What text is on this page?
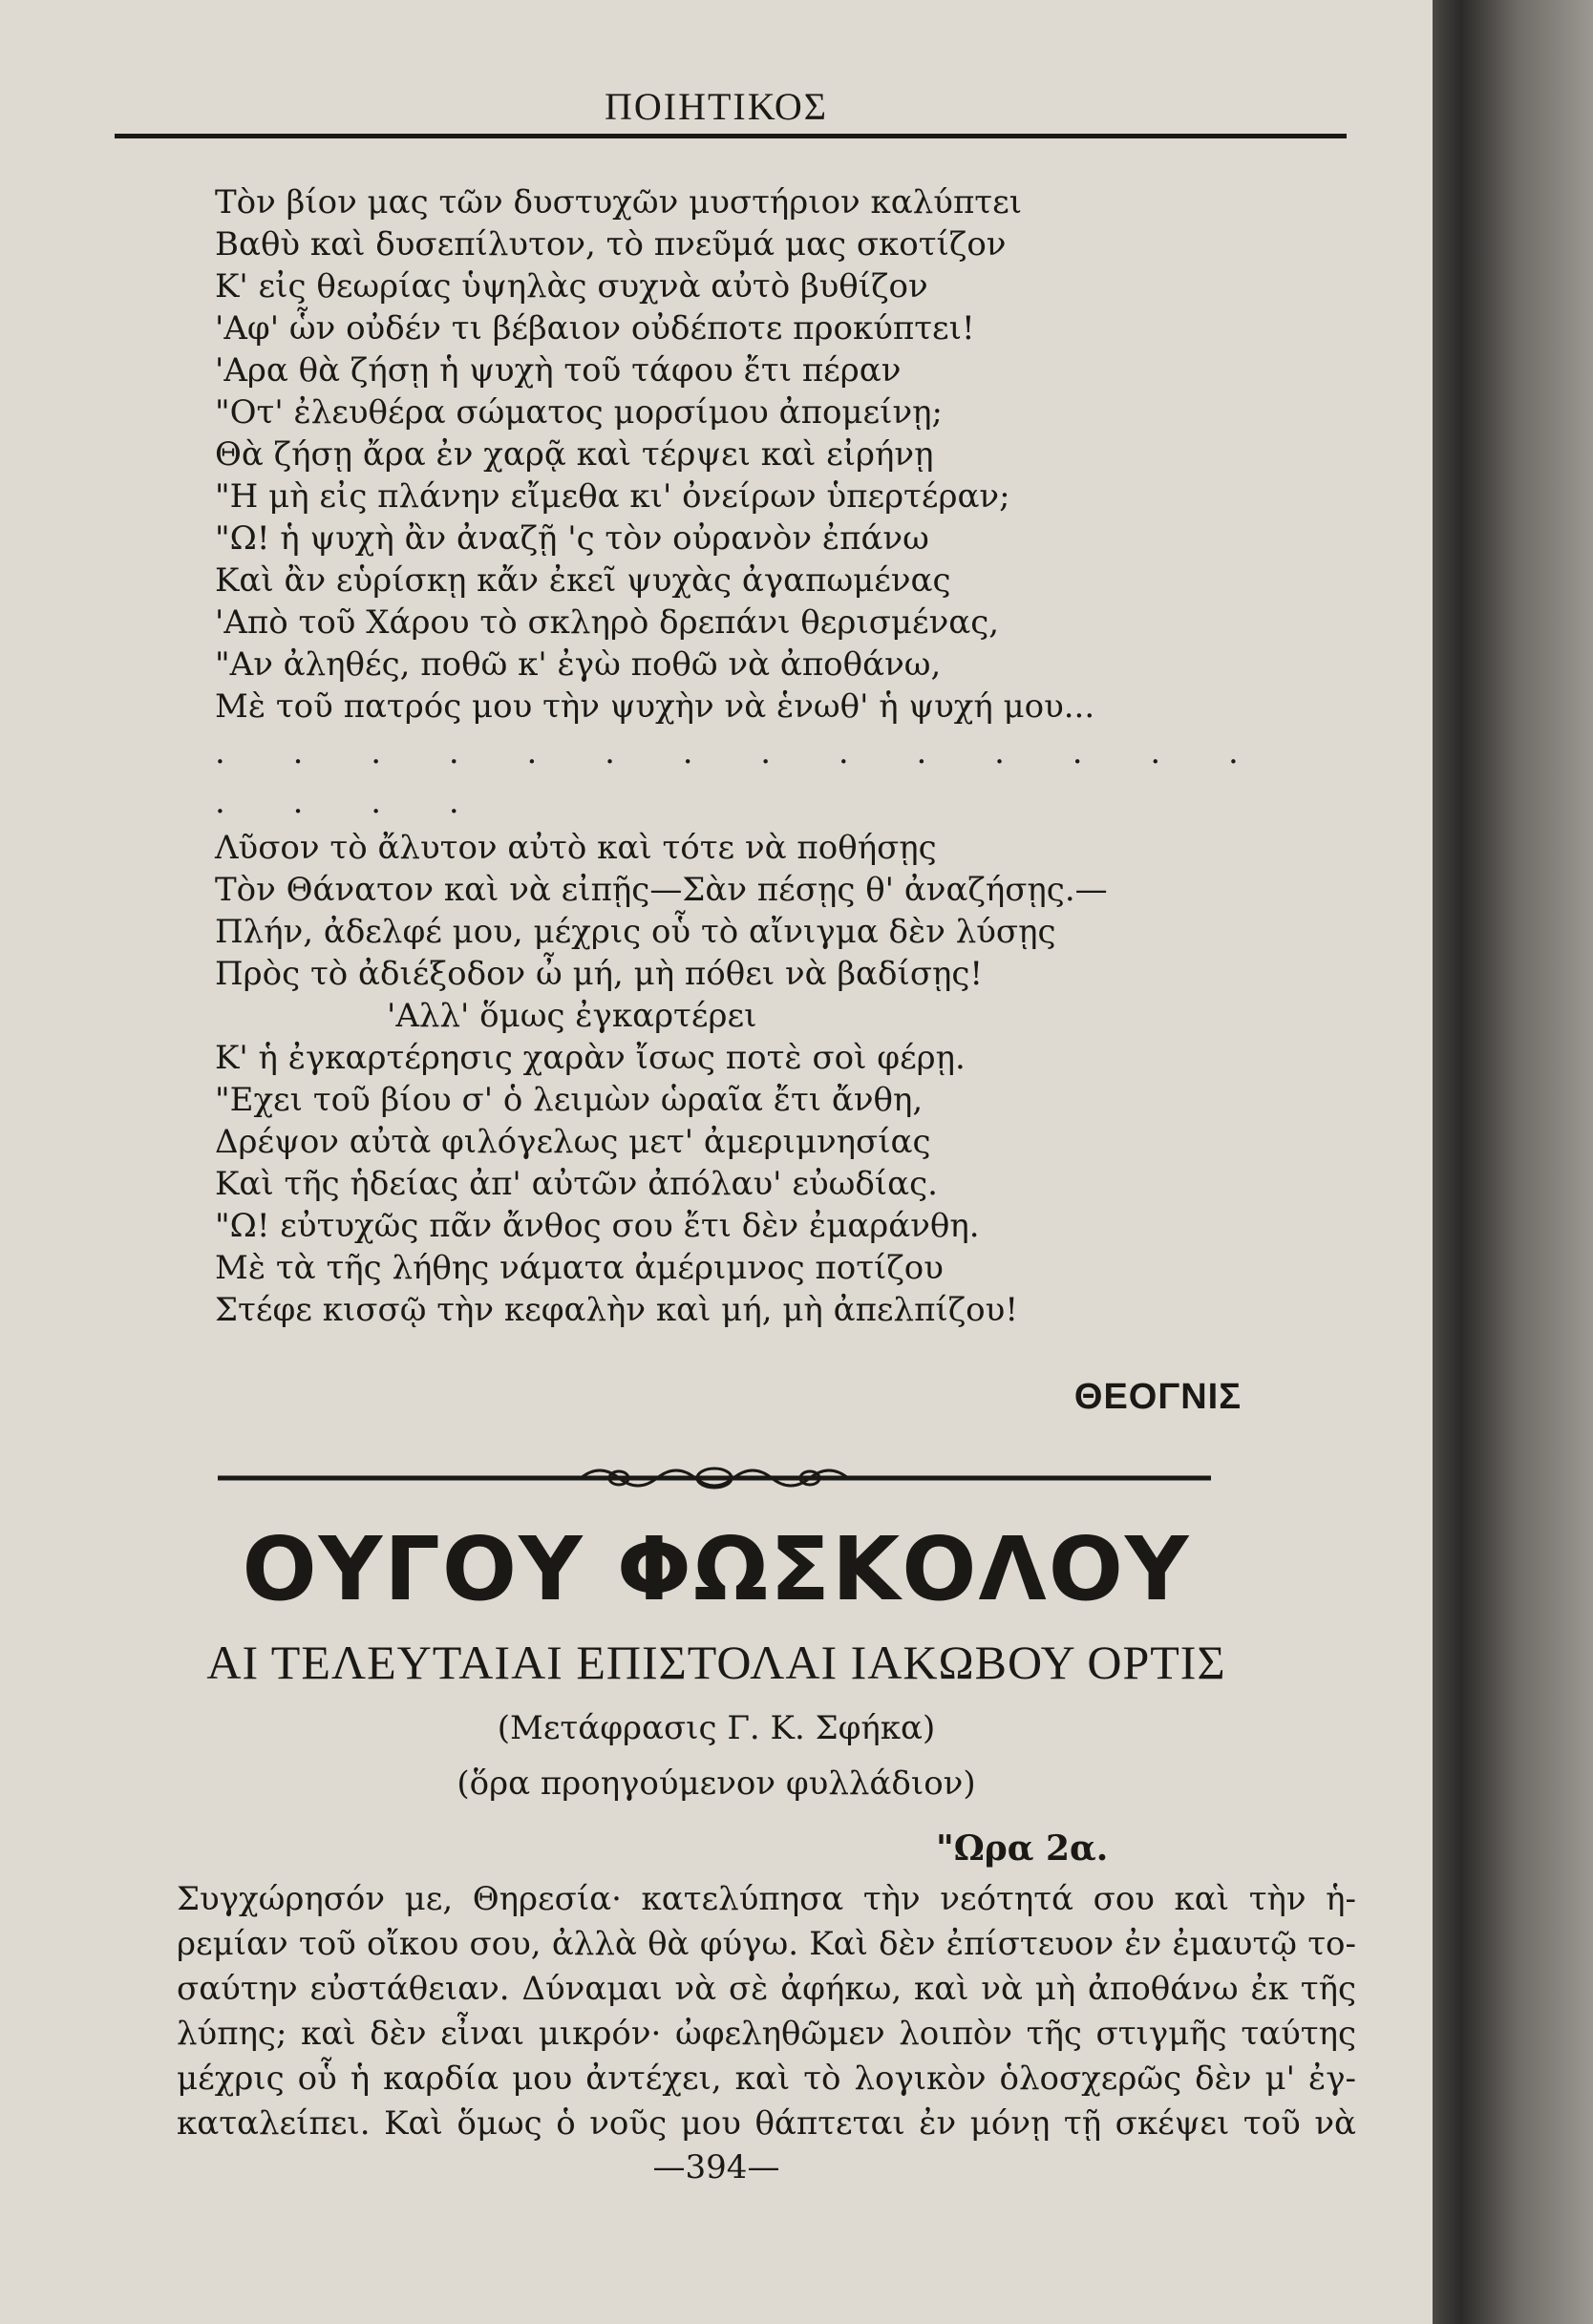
ΠΟΙΗΤΙΚΟΣ
Τὸν βίον μας τῶν δυστυχῶν μυστήριον καλύπτει
Βαθὺ καὶ δυσεπίλυτον, τὸ πνεῦμά μας σκοτίζον
Κ' εἰς θεωρίας ὑψηλὰς συχνὰ αὐτὸ βυθίζον
'Αφ' ὧν οὐδέν τι βέβαιον οὐδέποτε προκύπτει!
'Αρα θὰ ζήσῃ ἡ ψυχὴ τοῦ τάφου ἔτι πέραν
"Οτ' ἐλευθέρα σώματος μορσίμου ἀπομείνῃ;
Θὰ ζήσῃ ἄρα ἐν χαρᾷ καὶ τέρψει καὶ εἰρήνῃ
"Η μὴ εἰς πλάνην εἴμεθα κι' ὀνείρων ὑπερτέραν;
"Ω! ἡ ψυχὴ ἂν ἀναζῇ 'ς τὸν οὐρανὸν ἐπάνω
Καὶ ἂν εὑρίσκῃ κἄν ἐκεῖ ψυχὰς ἀγαπωμένας
'Απὸ τοῦ Χάρου τὸ σκληρὸ δρεπάνι θερισμένας,
"Αν ἀληθές, ποθῶ κ' ἐγὼ ποθῶ νὰ ἀποθάνω,
Μὲ τοῦ πατρός μου τὴν ψυχὴν νὰ ἑνωθ' ἡ ψυχή μου...
. . . . . . . . . . . . . . . . . .
Λῦσον τὸ ἄλυτον αὐτὸ καὶ τότε νὰ ποθήσῃς
Τὸν Θάνατον καὶ νὰ εἰπῇς—Σὰν πέσῃς θ' ἀναζήσῃς.—
Πλήν, ἀδελφέ μου, μέχρις οὗ τὸ αἴνιγμα δὲν λύσῃς
Πρὸς τὸ ἀδιέξοδον ὦ μή, μὴ πόθει νὰ βαδίσῃς!
'Αλλ' ὅμως ἐγκαρτέρει
Κ' ἡ ἐγκαρτέρησις χαρὰν ἴσως ποτὲ σοὶ φέρῃ.
"Εχει τοῦ βίου σ' ὁ λειμὼν ὡραῖα ἔτι ἄνθη,
Δρέψον αὐτὰ φιλόγελως μετ' ἀμεριμνησίας
Καὶ τῆς ἡδείας ἀπ' αὐτῶν ἀπόλαυ' εὐωδίας.
"Ω! εὐτυχῶς πᾶν ἄνθος σου ἔτι δὲν ἐμαράνθη.
Μὲ τὰ τῆς λήθης νάματα ἀμέριμνος ποτίζου
Στέφε κισσῷ τὴν κεφαλὴν καὶ μή, μὴ ἀπελπίζου!
ΘΕΟΓΝΙΣ
ΟΥΓΟΥ ΦΩΣΚΟΛΟΥ
ΑΙ ΤΕΛΕΥΤΑΙΑΙ ΕΠΙΣΤΟΛΑΙ ΙΑΚΩΒΟΥ ΟΡΤΙΣ
(Μετάφρασις Γ. Κ. Σφήκα)
(ὅρα προηγούμενον φυλλάδιον)
"Ωρα 2α.
Συγχώρησόν με, Θηρεσία· κατελύπησα τὴν νεότητά σου καὶ τὴν ἡ-
ρεμίαν τοῦ οἴκου σου, ἀλλὰ θὰ φύγω. Καὶ δὲν ἐπίστευον ἐν ἐμαυτῷ το-
σαύτην εὐστάθειαν. Δύναμαι νὰ σὲ ἀφήκω, καὶ νὰ μὴ ἀποθάνω ἐκ τῆς
λύπης; καὶ δὲν εἶναι μικρόν· ὠφεληθῶμεν λοιπὸν τῆς στιγμῆς ταύτης
μέχρις οὗ ἡ καρδία μου ἀντέχει, καὶ τὸ λογικὸν ὁλοσχερῶς δὲν μ' ἐγ-
καταλείπει. Καὶ ὅμως ὁ νοῦς μου θάπτεται ἐν μόνῃ τῇ σκέψει τοῦ νὰ
—394—
